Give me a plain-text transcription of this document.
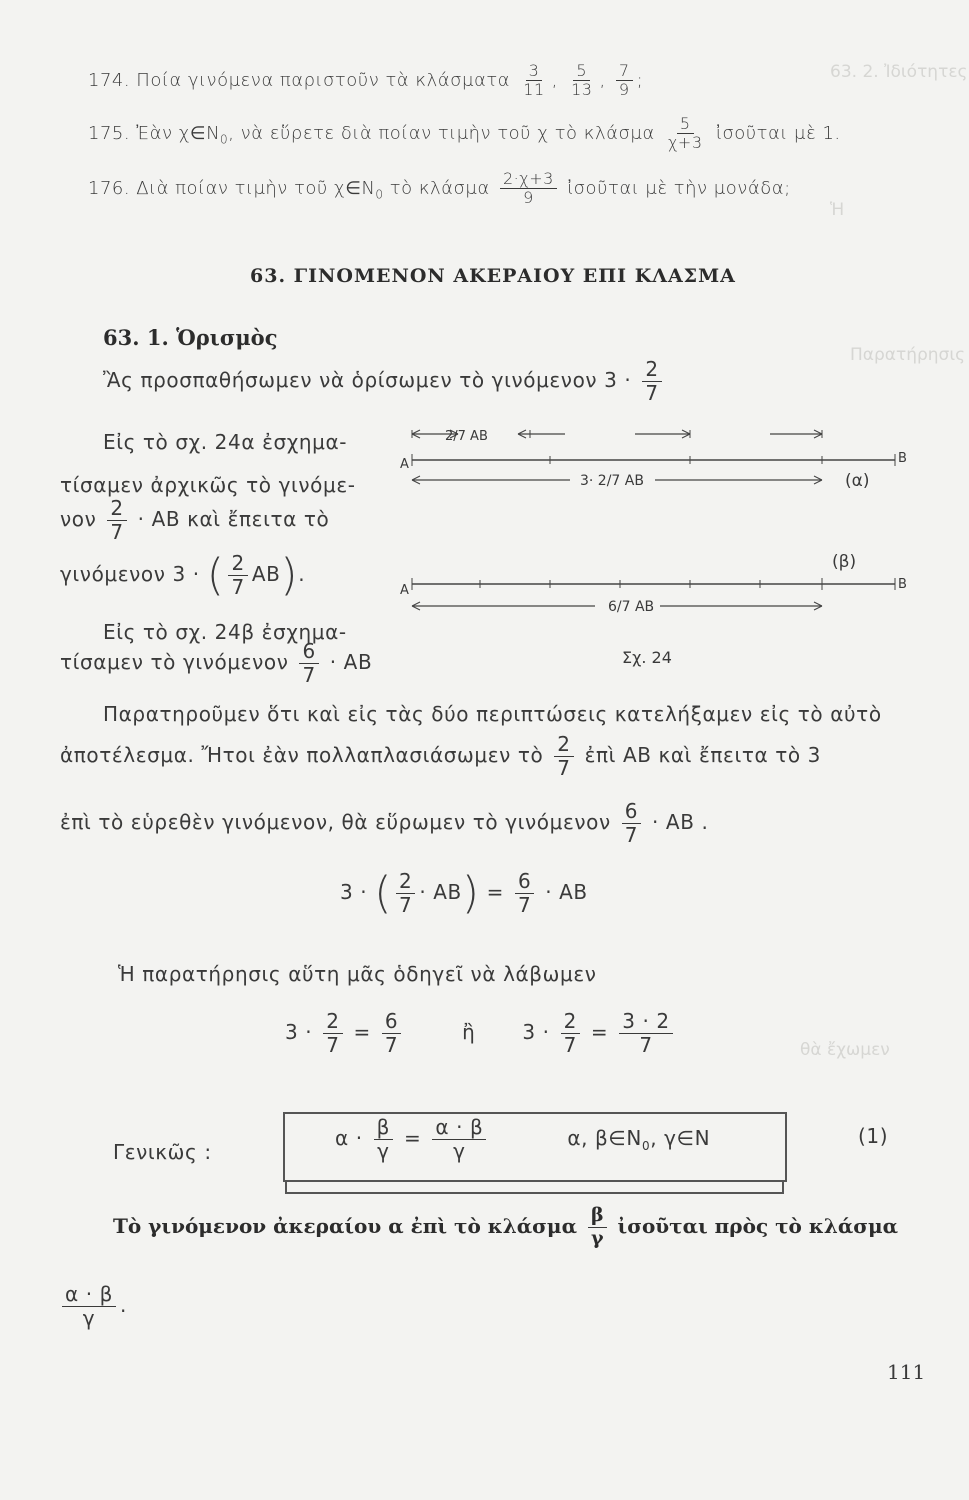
63. 2. Ἰδιότητες
Ἡ
Παρατήρησις
θὰ ἔχωμεν
174. Ποία γινόμενα παριστοῦν τὰ κλάσματα $\frac{3}{11}$ , $\frac{5}{13}$ , $\frac{7}{9}$ ;
175. Ἐὰν $\chi\in N_0$, νὰ εὕρετε διὰ ποίαν τιμὴν τοῦ χ τὸ κλάσμα $\frac{5}{\chi+3}$ ἰσοῦται μὲ 1.
176. Διὰ ποίαν τιμὴν τοῦ $\chi\in N_0$ τὸ κλάσμα $\frac{2\cdot\chi+3}{9}$ ἰσοῦται μὲ τὴν μονάδα;
63. ΓΙΝΟΜΕΝΟΝ ΑΚΕΡΑΙΟΥ ΕΠΙ ΚΛΑΣΜΑ
63. 1. Ὁρισμὸς
Ἂς προσπαθήσωμεν νὰ ὁρίσωμεν τὸ γινόμενον $3 \cdot \frac{2}{7}$
Εἰς τὸ σχ. 24α ἐσχημα-
τίσαμεν ἀρχικῶς τὸ γινόμε-
νον $\frac{2}{7} \cdot AB$ καὶ ἔπειτα τὸ
γινόμενον 3 · ( $\frac{2}{7} AB$).
Εἰς τὸ σχ. 24β ἐσχημα-
τίσαμεν τὸ γινόμενον $\frac{6}{7} \cdot AB$
2/7 ΑΒ
A	B
3· 2/7 ΑΒ	(α)
(β)
A	B
6/7 ΑΒ
Σχ. 24
Παρατηροῦμεν ὅτι καὶ εἰς τὰς δύο περιπτώσεις κατελήξαμεν εἰς τὸ αὐτὸ
ἀποτέλεσμα. Ἤτοι ἐὰν πολλαπλασιάσωμεν τὸ $\frac{2}{7}$ ἐπὶ ΑΒ καὶ ἔπειτα τὸ 3
ἐπὶ τὸ εὑρεθὲν γινόμενον, θὰ εὕρωμεν τὸ γινόμενον $\frac{6}{7} \cdot AB$ .
3 · ( $\frac{2}{7} \cdot AB) = \frac{6}{7} \cdot AB$
Ἡ παρατήρησις αὕτη μᾶς ὁδηγεῖ νὰ λάβωμεν
$3 \cdot \frac{2}{7} = \frac{6}{7}$	ἢ $3 \cdot \frac{2}{7} = \frac{3 \cdot 2}{7}$
Γενικῶς :
$\alpha \cdot \frac{\beta}{\gamma} = \frac{\alpha \cdot \beta}{\gamma}$	α, $\beta\in N_0$, γ∈N	(1)
Τὸ γινόμενον ἀκεραίου α ἐπὶ τὸ κλάσμα $\frac{\beta}{\gamma}$ ἰσοῦται πρὸς τὸ κλάσμα
$\frac{\alpha \cdot \beta}{\gamma}$ .
111
